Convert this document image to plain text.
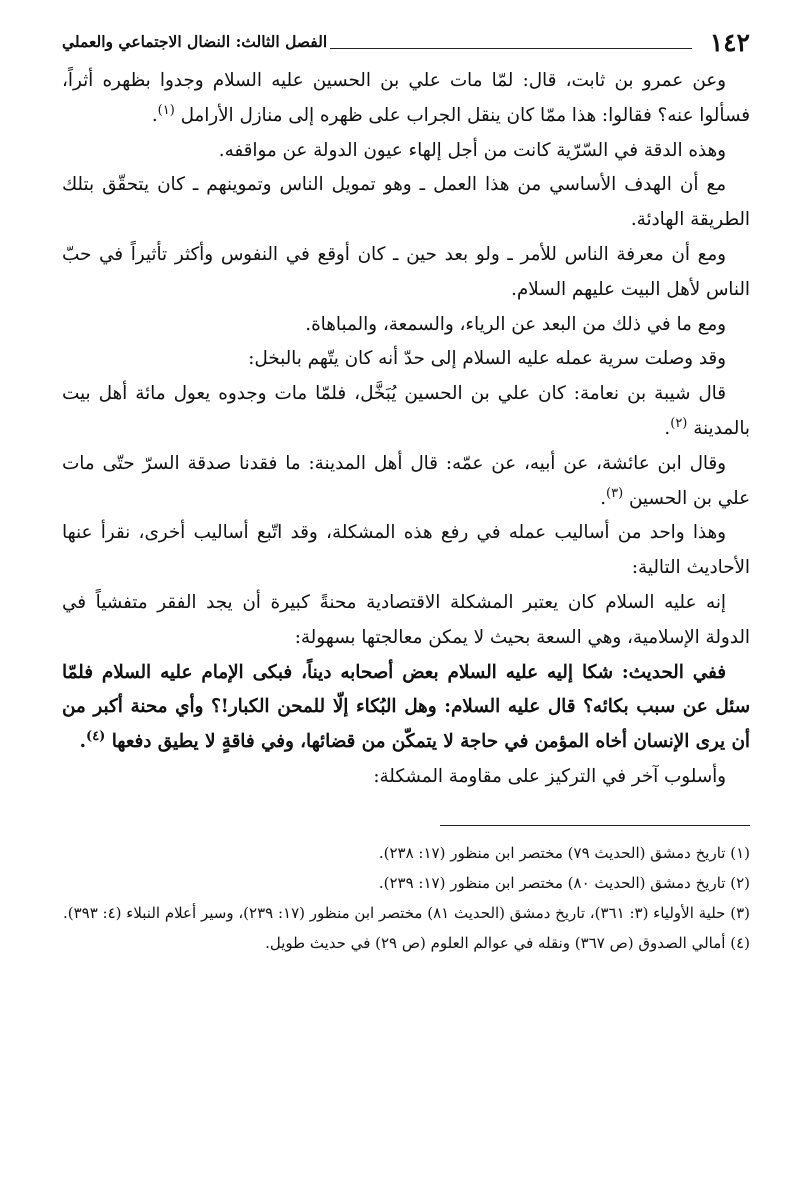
١٤٢
الفصل الثالث: النضال الاجتماعي والعملي

وعن عمرو بن ثابت، قال: لمّا مات علي بن الحسين عليه السلام وجدوا بظهره أثراً، فسألوا عنه؟ فقالوا: هذا ممّا كان ينقل الجراب على ظهره إلى منازل الأرامل $^{(١)}$.

وهذه الدقة في السّرّية كانت من أجل إلهاء عيون الدولة عن مواقفه.

مع أن الهدف الأساسي من هذا العمل ـ وهو تمويل الناس وتموينهم ـ كان يتحقّق بتلك الطريقة الهادئة.

ومع أن معرفة الناس للأمر ـ ولو بعد حين ـ كان أوقع في النفوس وأكثر تأثيراً في حبّ الناس لأهل البيت عليهم السلام.

ومع ما في ذلك من البعد عن الرياء، والسمعة، والمباهاة.

وقد وصلت سرية عمله عليه السلام إلى حدّ أنه كان يتّهم بالبخل:

قال شيبة بن نعامة: كان علي بن الحسين يُبَخَّل، فلمّا مات وجدوه يعول مائة أهل بيت بالمدينة $^{(٢)}$.

وقال ابن عائشة، عن أبيه، عن عمّه: قال أهل المدينة: ما فقدنا صدقة السرّ حتّى مات علي بن الحسين $^{(٣)}$.

وهذا واحد من أساليب عمله في رفع هذه المشكلة، وقد اتّبع أساليب أخرى، نقرأ عنها الأحاديث التالية:

إنه عليه السلام كان يعتبر المشكلة الاقتصادية محنةً كبيرة أن يجد الفقر متفشياً في الدولة الإسلامية، وهي السعة بحيث لا يمكن معالجتها بسهولة:

ففي الحديث: شكا إليه عليه السلام بعض أصحابه ديناً، فبكى الإمام عليه السلام فلمّا سئل عن سبب بكائه؟ قال عليه السلام: وهل البُكاء إلّا للمحن الكبار!؟ وأي محنة أكبر من أن يرى الإنسان أخاه المؤمن في حاجة لا يتمكّن من قضائها، وفي فاقةٍ لا يطيق دفعها $^{(٤)}$.

وأسلوب آخر في التركيز على مقاومة المشكلة:

(١) تاريخ دمشق (الحديث ٧٩) مختصر ابن منظور (١٧: ٢٣٨).

(٢) تاريخ دمشق (الحديث ٨٠) مختصر ابن منظور (١٧: ٢٣٩).

(٣) حلية الأولياء (٣: ٣٦١)، تاريخ دمشق (الحديث ٨١) مختصر ابن منظور (١٧: ٢٣٩)، وسير أعلام النبلاء (٤: ٣٩٣).

(٤) أمالي الصدوق (ص ٣٦٧) ونقله في عوالم العلوم (ص ٢٩) في حديث طويل.
